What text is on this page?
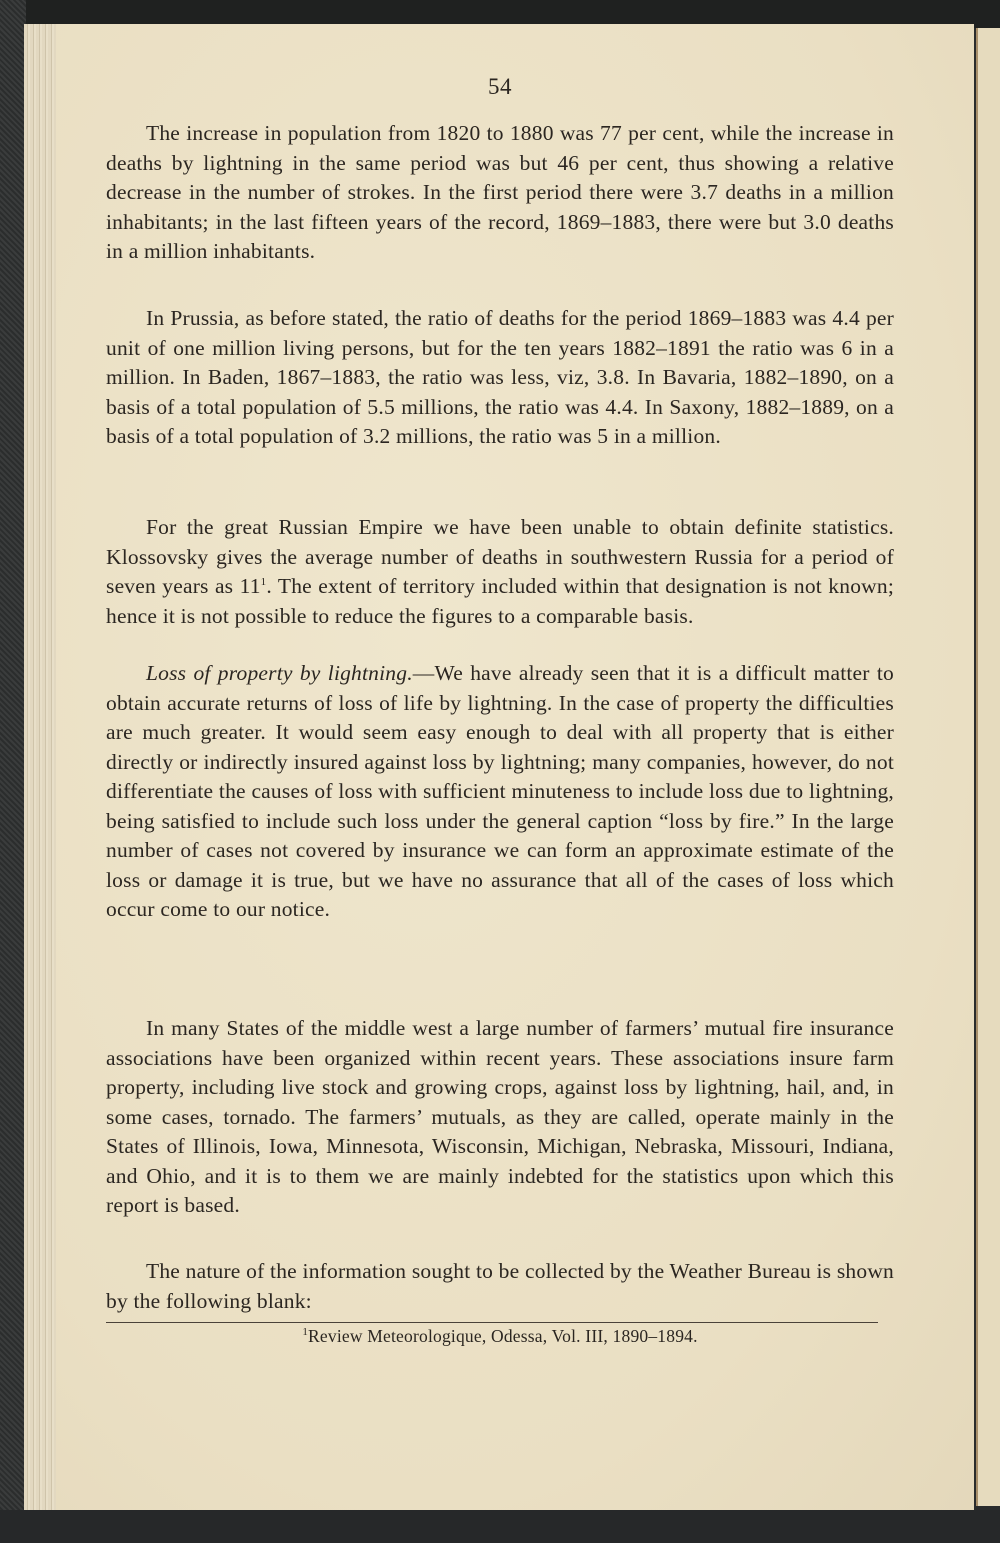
54

The increase in population from 1820 to 1880 was 77 per cent, while the increase in deaths by lightning in the same period was but 46 per cent, thus showing a relative decrease in the number of strokes. In the first period there were 3.7 deaths in a million inhabitants; in the last fifteen years of the record, 1869–1883, there were but 3.0 deaths in a million inhabitants.

In Prussia, as before stated, the ratio of deaths for the period 1869–1883 was 4.4 per unit of one million living persons, but for the ten years 1882–1891 the ratio was 6 in a million. In Baden, 1867–1883, the ratio was less, viz, 3.8. In Bavaria, 1882–1890, on a basis of a total population of 5.5 millions, the ratio was 4.4. In Saxony, 1882–1889, on a basis of a total population of 3.2 millions, the ratio was 5 in a million.

For the great Russian Empire we have been unable to obtain definite statistics. Klossovsky gives the average number of deaths in southwestern Russia for a period of seven years as $11^1$. The extent of territory included within that designation is not known; hence it is not possible to reduce the figures to a comparable basis.

Loss of property by lightning.—We have already seen that it is a difficult matter to obtain accurate returns of loss of life by lightning. In the case of property the difficulties are much greater. It would seem easy enough to deal with all property that is either directly or indirectly insured against loss by lightning; many companies, however, do not differentiate the causes of loss with sufficient minuteness to include loss due to lightning, being satisfied to include such loss under the general caption “loss by fire.” In the large number of cases not covered by insurance we can form an approximate estimate of the loss or damage it is true, but we have no assurance that all of the cases of loss which occur come to our notice.

In many States of the middle west a large number of farmers’ mutual fire insurance associations have been organized within recent years. These associations insure farm property, including live stock and growing crops, against loss by lightning, hail, and, in some cases, tornado. The farmers’ mutuals, as they are called, operate mainly in the States of Illinois, Iowa, Minnesota, Wisconsin, Michigan, Nebraska, Missouri, Indiana, and Ohio, and it is to them we are mainly indebted for the statistics upon which this report is based.

The nature of the information sought to be collected by the Weather Bureau is shown by the following blank:

$^1$Review Meteorologique, Odessa, Vol. III, 1890–1894.
